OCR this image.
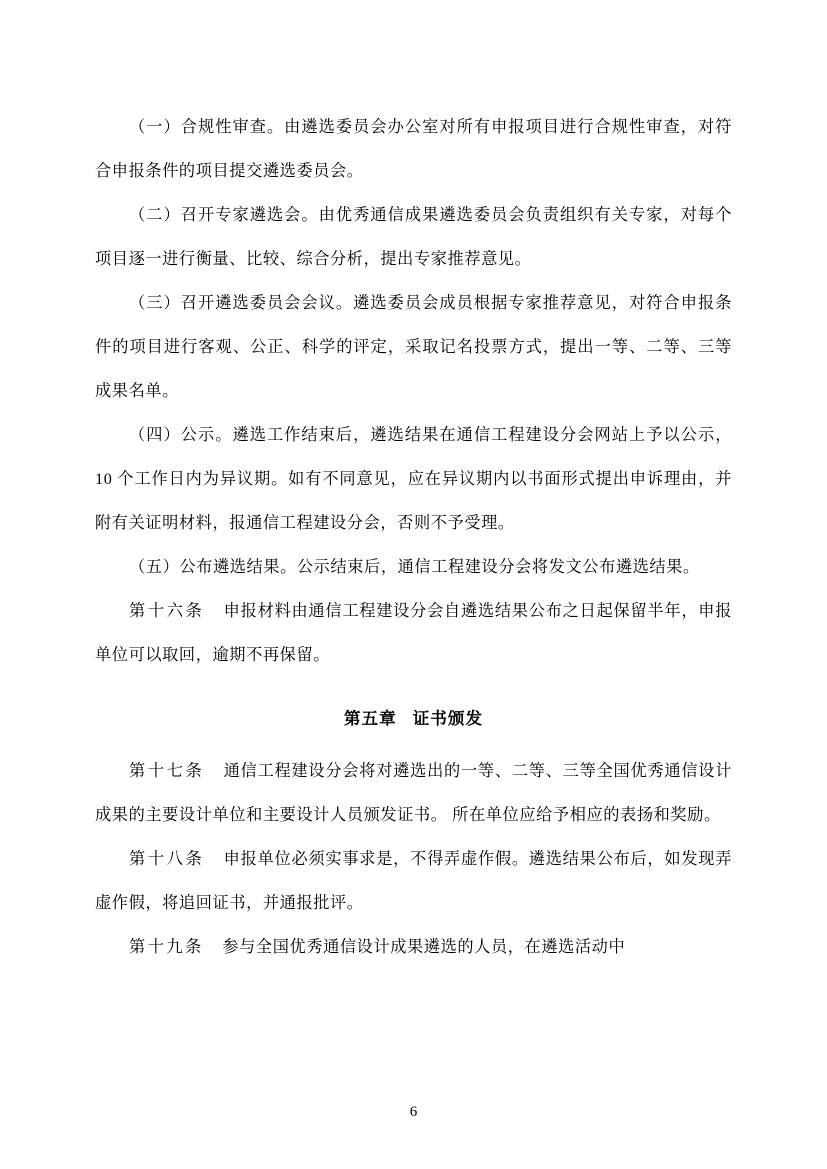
（一）合规性审查。由遴选委员会办公室对所有申报项目进行合规性审查，对符合申报条件的项目提交遴选委员会。

（二）召开专家遴选会。由优秀通信成果遴选委员会负责组织有关专家，对每个项目逐一进行衡量、比较、综合分析，提出专家推荐意见。

（三）召开遴选委员会会议。遴选委员会成员根据专家推荐意见，对符合申报条件的项目进行客观、公正、科学的评定，采取记名投票方式，提出一等、二等、三等成果名单。

（四）公示。遴选工作结束后，遴选结果在通信工程建设分会网站上予以公示，10 个工作日内为异议期。如有不同意见，应在异议期内以书面形式提出申诉理由，并附有关证明材料，报通信工程建设分会，否则不予受理。

（五）公布遴选结果。公示结束后，通信工程建设分会将发文公布遴选结果。

第十六条 申报材料由通信工程建设分会自遴选结果公布之日起保留半年，申报单位可以取回，逾期不再保留。

第五章 证书颁发

第十七条 通信工程建设分会将对遴选出的一等、二等、三等全国优秀通信设计成果的主要设计单位和主要设计人员颁发证书。 所在单位应给予相应的表扬和奖励。

第十八条 申报单位必须实事求是，不得弄虚作假。遴选结果公布后，如发现弄虚作假，将追回证书，并通报批评。

第十九条 参与全国优秀通信设计成果遴选的人员，在遴选活动中

6
